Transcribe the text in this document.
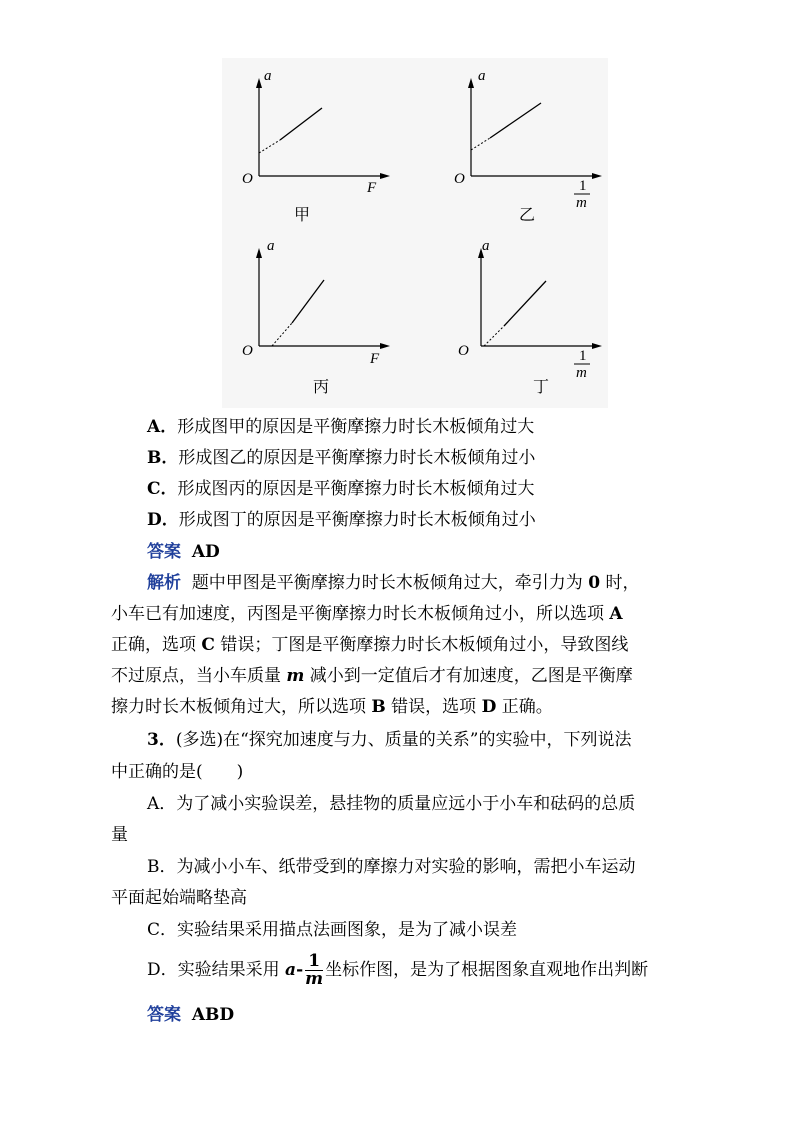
a
O
F
甲
a
O	1
m
乙
a
O	F
丙
a
O	1
m
丁
A．形成图甲的原因是平衡摩擦力时长木板倾角过大
B．形成图乙的原因是平衡摩擦力时长木板倾角过小
C．形成图丙的原因是平衡摩擦力时长木板倾角过大
D．形成图丁的原因是平衡摩擦力时长木板倾角过小
答案 AD
解析 题中甲图是平衡摩擦力时长木板倾角过大，牵引力为 0 时，
小车已有加速度，丙图是平衡摩擦力时长木板倾角过小，所以选项 A
正确，选项 C 错误；丁图是平衡摩擦力时长木板倾角过小，导致图线
不过原点，当小车质量 m 减小到一定值后才有加速度，乙图是平衡摩
擦力时长木板倾角过大，所以选项 B 错误，选项 D 正确。
3．(多选)在“探究加速度与力、质量的关系”的实验中，下列说法
中正确的是(　　)
A．为了减小实验误差，悬挂物的质量应远小于小车和砝码的总质
量
B．为减小小车、纸带受到的摩擦力对实验的影响，需把小车运动
平面起始端略垫高
C．实验结果采用描点法画图象，是为了减小误差
D．实验结果采用 $a- \frac{1}{m}$ 坐标作图，是为了根据图象直观地作出判断
答案 ABD
